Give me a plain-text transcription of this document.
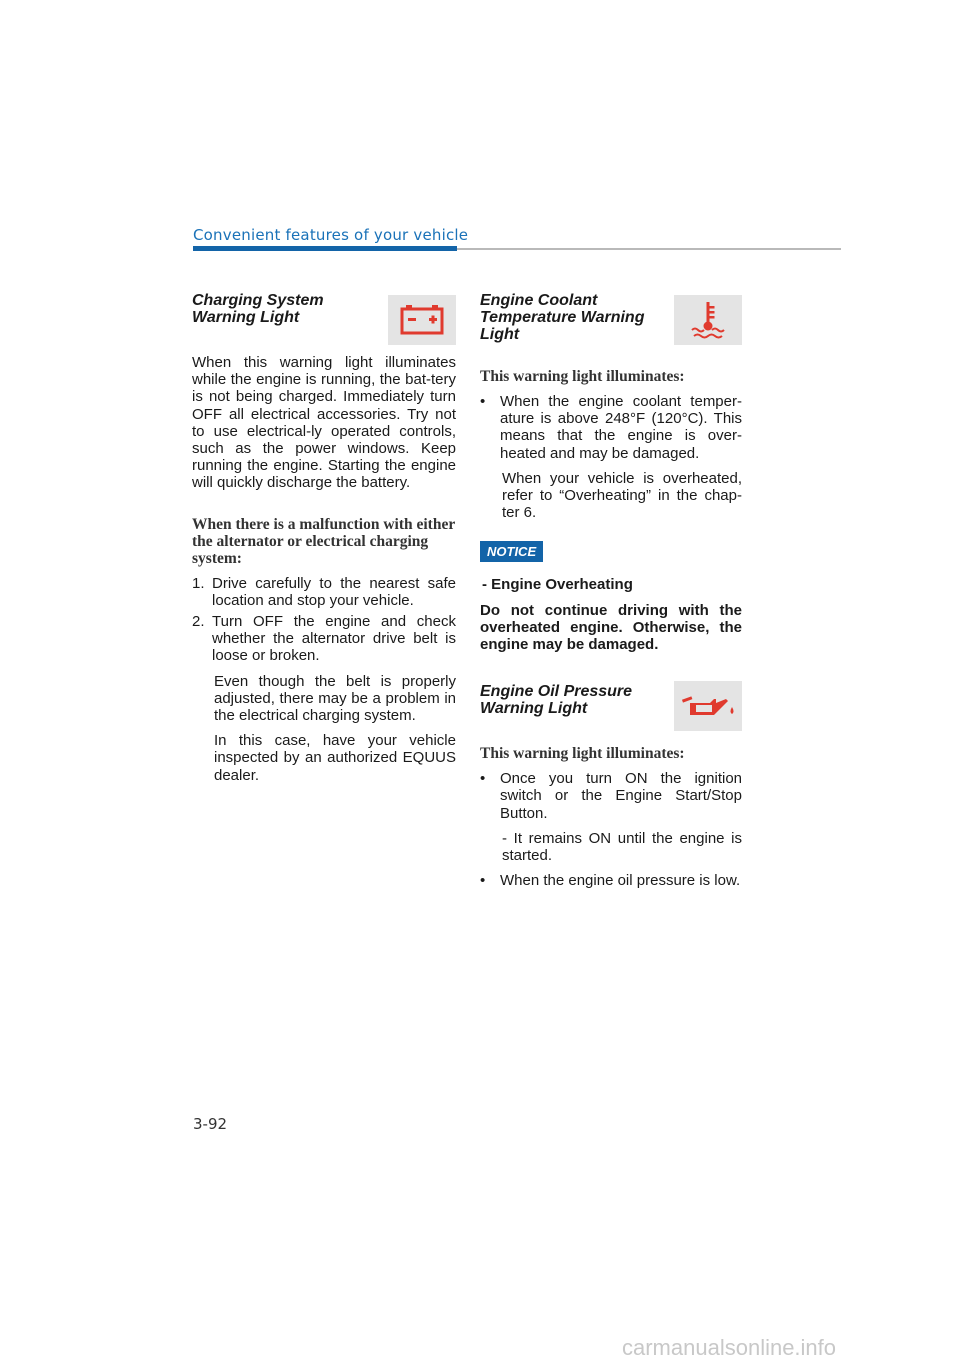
Convenient features of your vehicle
Charging System
Warning Light

When this warning light illuminates while the engine is running, the bat-tery is not being charged. Immediately turn OFF all electrical accessories. Try not to use electrical-ly operated controls, such as the power windows. Keep running the engine. Starting the engine will quickly discharge the battery.

When there is a malfunction with either the alternator or electrical charging system:
1. Drive carefully to the nearest safe location and stop your vehicle.

2. Turn OFF the engine and check whether the alternator drive belt is loose or broken.

Even though the belt is properly adjusted, there may be a problem in the electrical charging system.

In this case, have your vehicle inspected by an authorized EQUUS dealer.

Engine Coolant
Temperature Warning
Light
This warning light illuminates:
• When the engine coolant temper-ature is above 248°F (120°C). This means that the engine is over-heated and may be damaged.

When your vehicle is overheated, refer to “Overheating” in the chap-ter 6.

NOTICE

- Engine Overheating

Do not continue driving with the overheated engine. Otherwise, the engine may be damaged.

Engine Oil Pressure
Warning Light
This warning light illuminates:
• Once you turn ON the ignition switch or the Engine Start/Stop Button.

- It remains ON until the engine is started.

• When the engine oil pressure is low.

3-92
carmanualsonline.info
